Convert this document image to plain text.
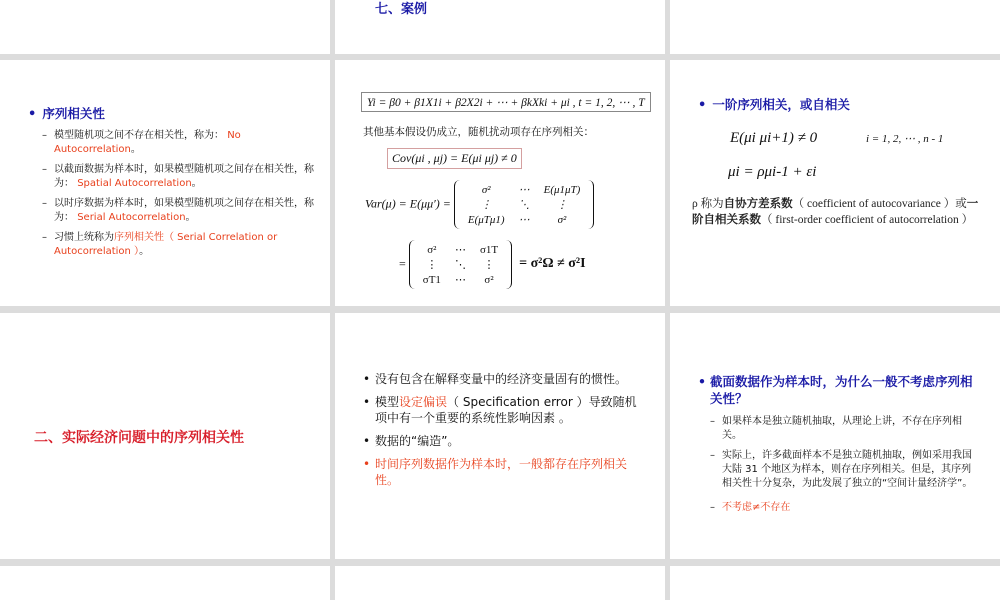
七、案例
• 序列相关性
– 模型随机项之间不存在相关性，称为： No Autocorrelation。
– 以截面数据为样本时，如果模型随机项之间存在相关性，称为： Spatial Autocorrelation。
– 以时序数据为样本时，如果模型随机项之间存在相关性，称为： Serial Autocorrelation。
– 习惯上统称为序列相关性（ Serial Correlation or Autocorrelation ）。
Yi = β0 + β1X1i + β2X2i + ⋯ + βkXki + μi , t = 1, 2, ⋯ , T
其他基本假设仍成立，随机扰动项存在序列相关：
Cov(μi , μj) = E(μi μj) ≠ 0
Var(μ) = E(μμ′) =
σ²	⋯	E(μ1μT)
⋮	⋱	⋮
E(μTμ1)	⋯	σ²
=
σ²	⋯	σ1T
⋮	⋱	⋮
σT1	⋯	σ²
= σ²Ω ≠ σ²I
• 一阶序列相关，或自相关
E(μi μi+1) ≠ 0	i = 1, 2, ⋯ , n - 1
μi = ρμi-1 + εi
ρ 称为自协方差系数（ coefficient of autocovariance ）或一阶自相关系数（ first-order coefficient of autocorrelation ）
二、实际经济问题中的序列相关性
• 没有包含在解释变量中的经济变量固有的惯性。
• 模型设定偏误（ Specification error ）导致随机项中有一个重要的系统性影响因素 。
• 数据的“编造”。
• 时间序列数据作为样本时，一般都存在序列相关性。
• 截面数据作为样本时，为什么一般不考虑序列相关性？
– 如果样本是独立随机抽取，从理论上讲，不存在序列相关。
– 实际上，许多截面样本不是独立随机抽取，例如采用我国大陆 31 个地区为样本，则存在序列相关。但是，其序列相关性十分复杂，为此发展了独立的“空间计量经济学”。
– 不考虑≠不存在
